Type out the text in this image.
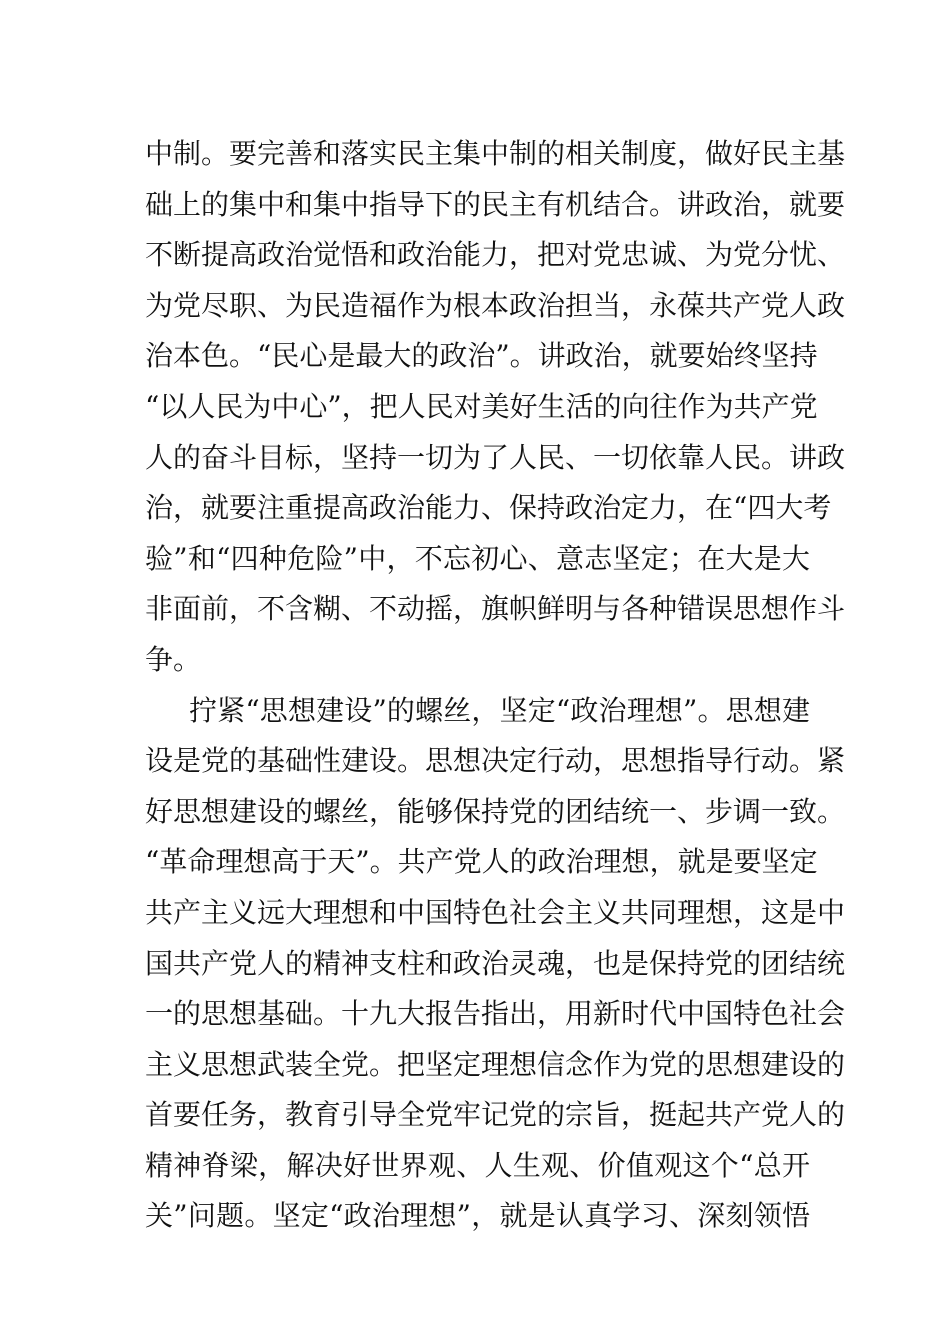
中制。要完善和落实民主集中制的相关制度，做好民主基
础上的集中和集中指导下的民主有机结合。讲政治，就要
不断提高政治觉悟和政治能力，把对党忠诚、为党分忧、
为党尽职、为民造福作为根本政治担当，永葆共产党人政
治本色。“民心是最大的政治”。讲政治，就要始终坚持
“以人民为中心”，把人民对美好生活的向往作为共产党
人的奋斗目标，坚持一切为了人民、一切依靠人民。讲政
治，就要注重提高政治能力、保持政治定力，在“四大考
验”和“四种危险”中，不忘初心、意志坚定；在大是大
非面前，不含糊、不动摇，旗帜鲜明与各种错误思想作斗
争。
拧紧“思想建设”的螺丝，坚定“政治理想”。思想建
设是党的基础性建设。思想决定行动，思想指导行动。紧
好思想建设的螺丝，能够保持党的团结统一、步调一致。
“革命理想高于天”。共产党人的政治理想，就是要坚定
共产主义远大理想和中国特色社会主义共同理想，这是中
国共产党人的精神支柱和政治灵魂，也是保持党的团结统
一的思想基础。十九大报告指出，用新时代中国特色社会
主义思想武装全党。把坚定理想信念作为党的思想建设的
首要任务，教育引导全党牢记党的宗旨，挺起共产党人的
精神脊梁，解决好世界观、人生观、价值观这个“总开
关”问题。坚定“政治理想”，就是认真学习、深刻领悟
